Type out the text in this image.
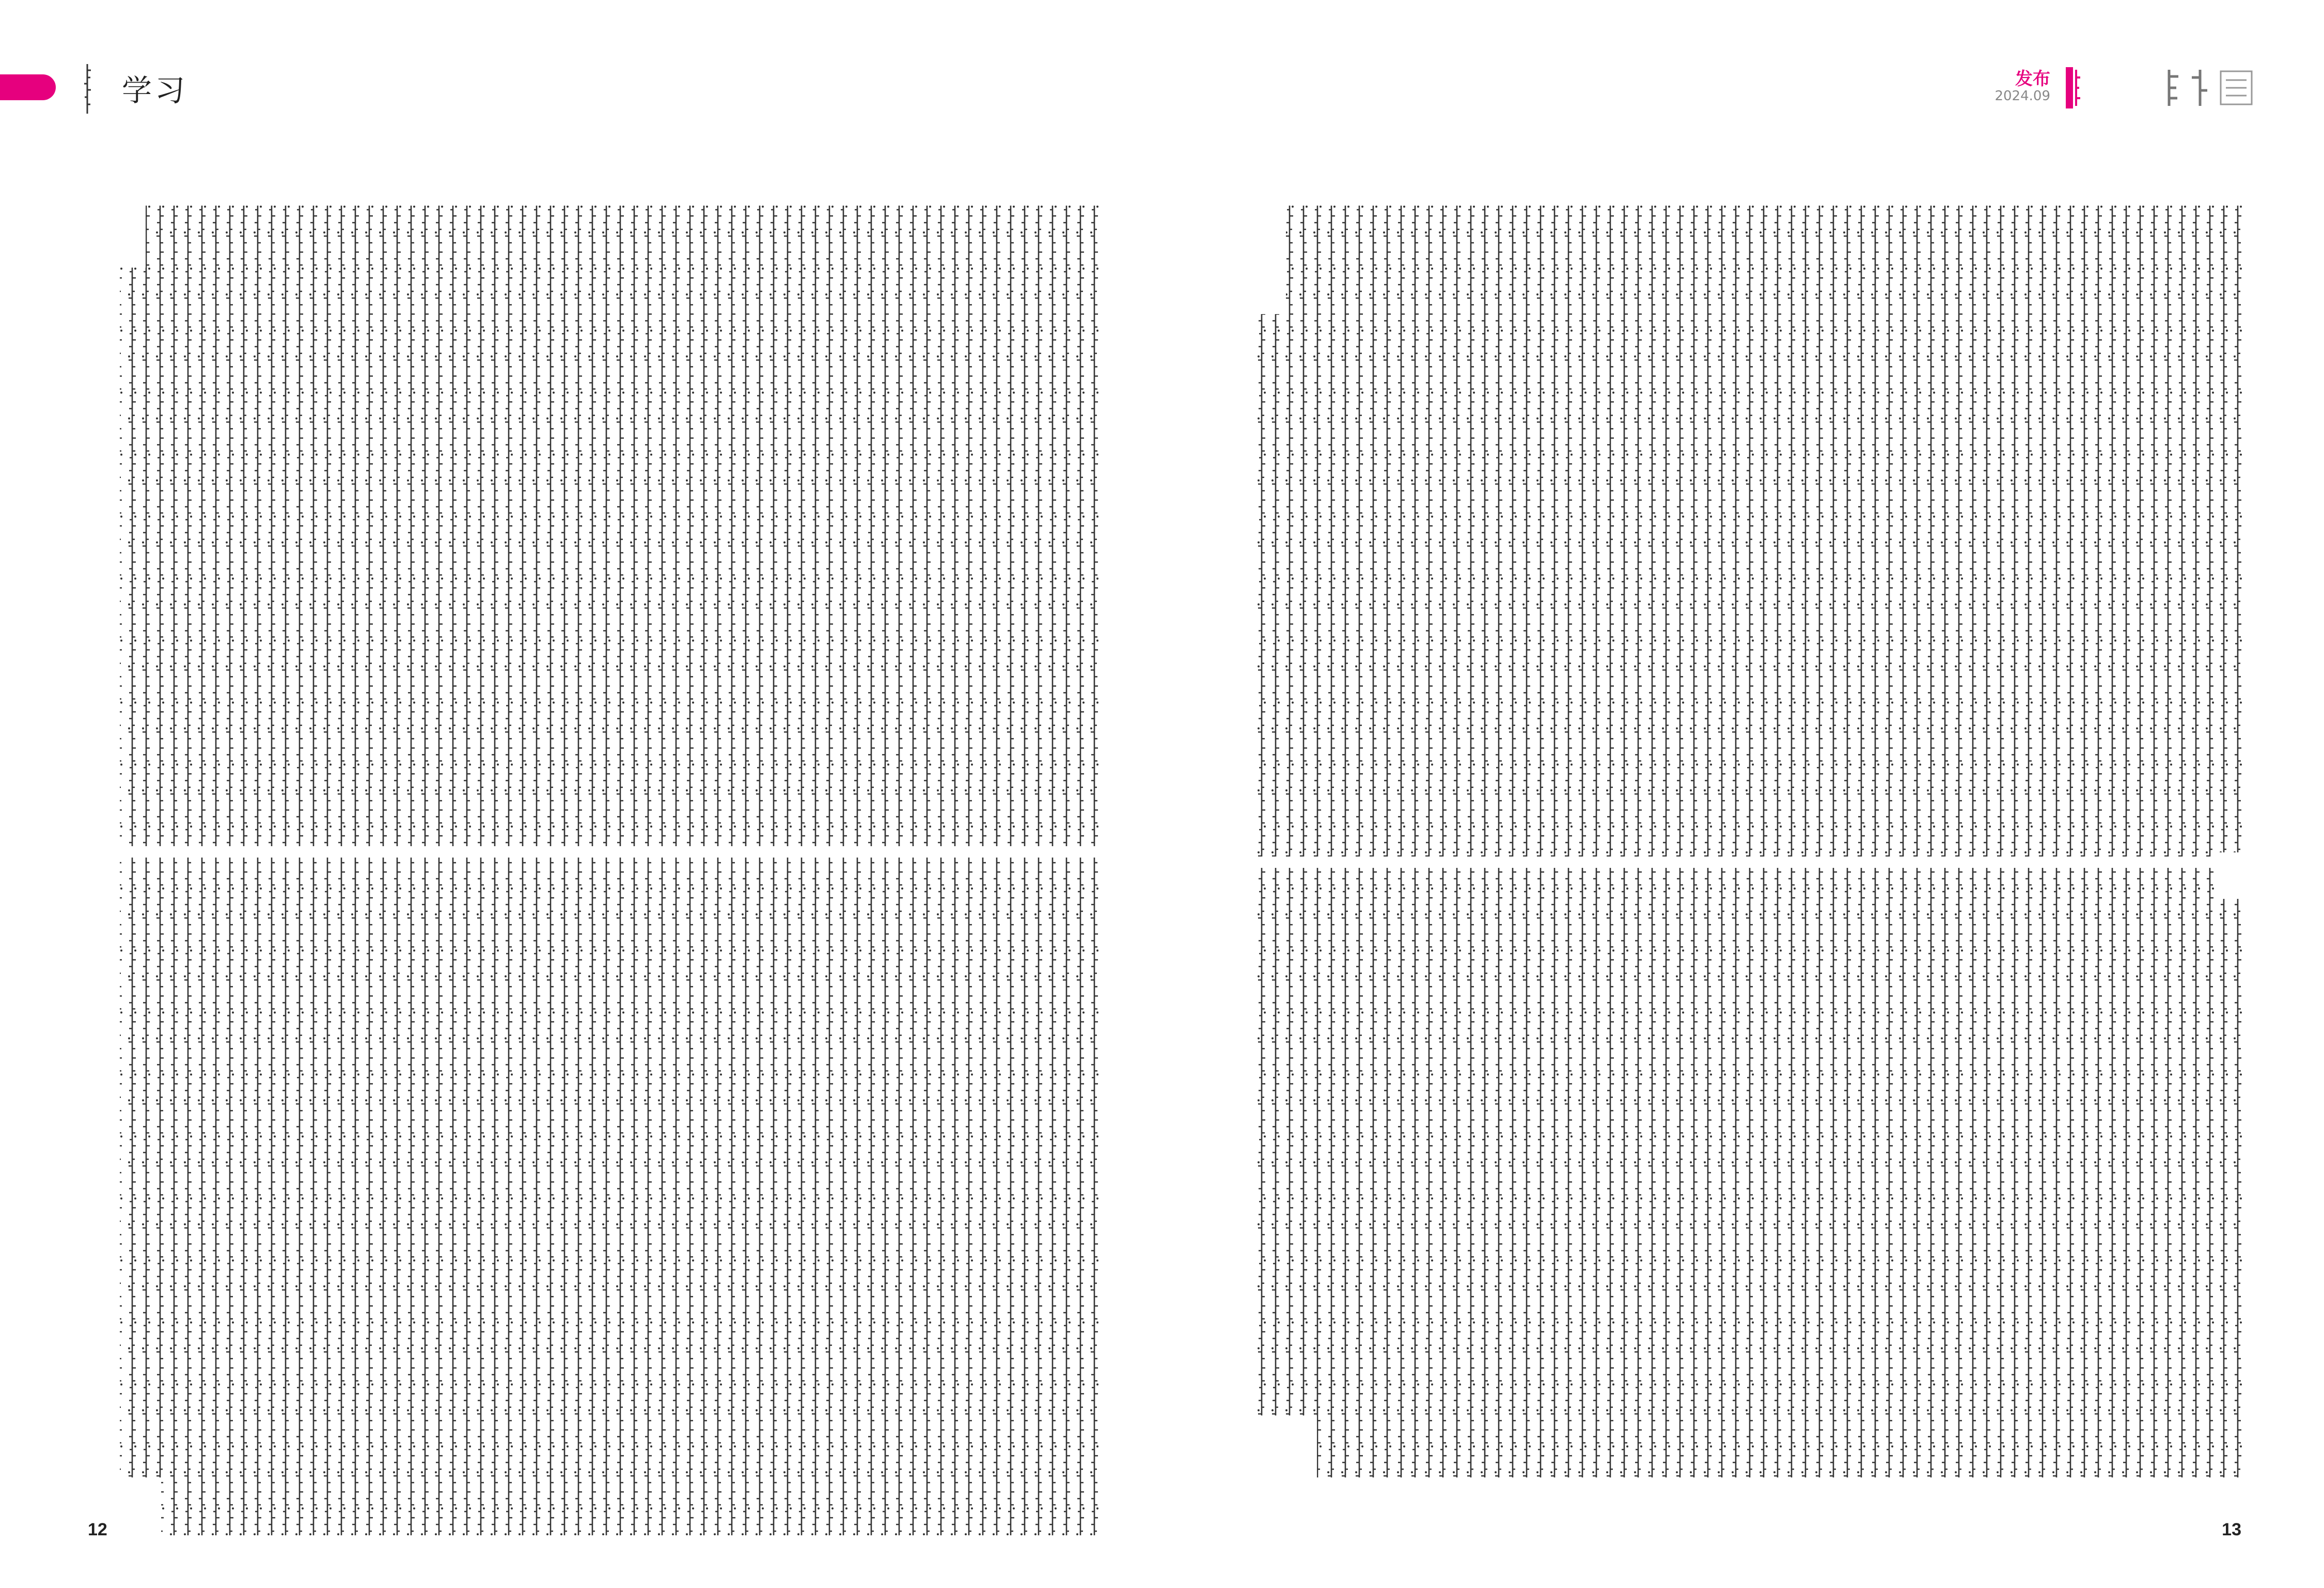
学习	发布
2024.09
12	13
